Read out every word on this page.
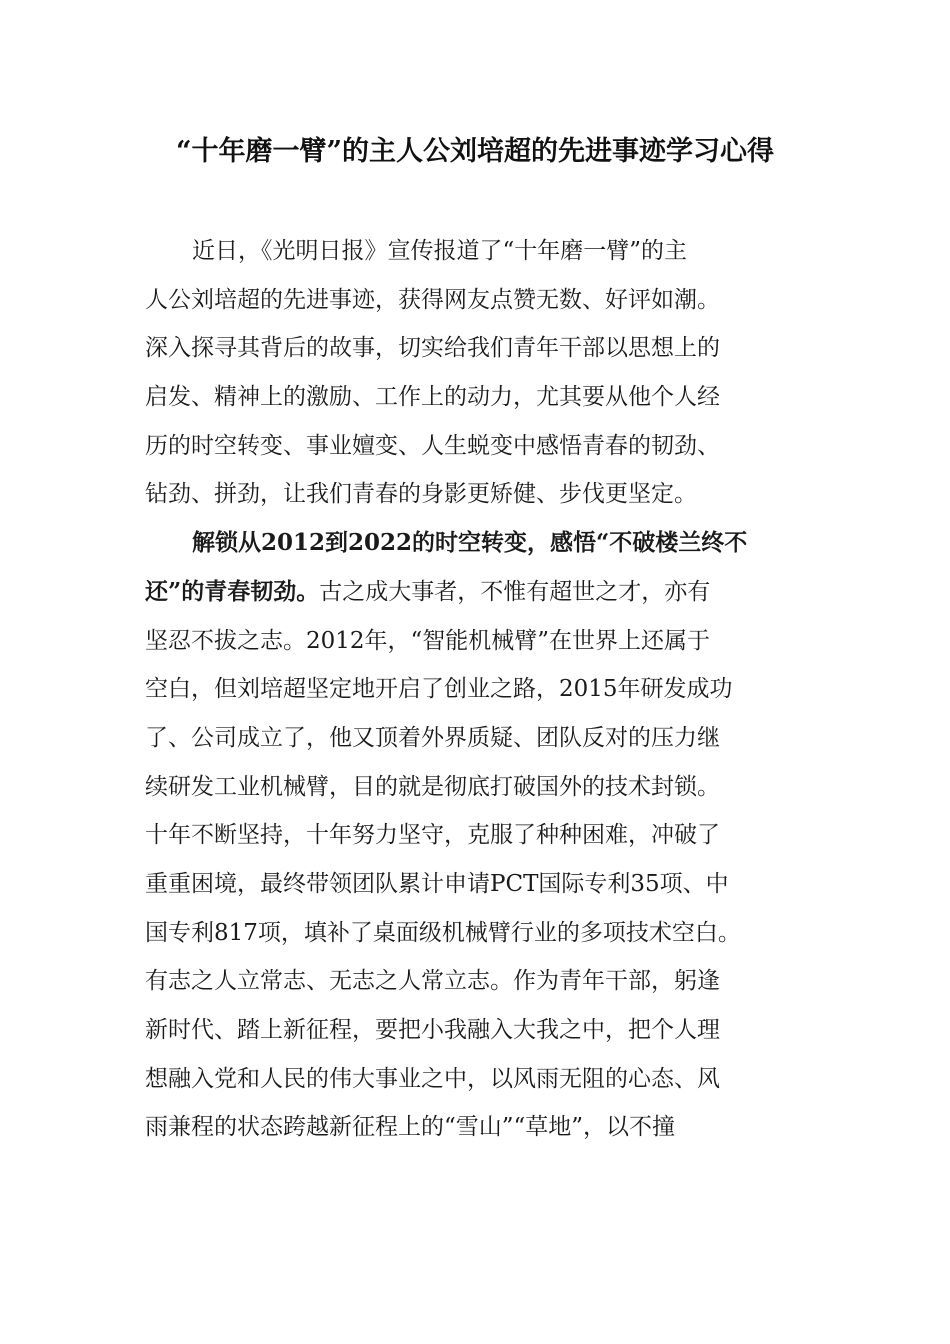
“十年磨一臂”的主人公刘培超的先进事迹学习心得
近日，《光明日报》宣传报道了“十年磨一臂”的主
人公刘培超的先进事迹，获得网友点赞无数、好评如潮。
深入探寻其背后的故事，切实给我们青年干部以思想上的
启发、精神上的激励、工作上的动力，尤其要从他个人经
历的时空转变、事业嬗变、人生蜕变中感悟青春的韧劲、
钻劲、拼劲，让我们青春的身影更矫健、步伐更坚定。
解锁从2012到2022的时空转变，感悟“不破楼兰终不
还”的青春韧劲。古之成大事者，不惟有超世之才，亦有
坚忍不拔之志。2012年，“智能机械臂”在世界上还属于
空白，但刘培超坚定地开启了创业之路，2015年研发成功
了、公司成立了，他又顶着外界质疑、团队反对的压力继
续研发工业机械臂，目的就是彻底打破国外的技术封锁。
十年不断坚持，十年努力坚守，克服了种种困难，冲破了
重重困境，最终带领团队累计申请PCT国际专利35项、中
国专利817项，填补了桌面级机械臂行业的多项技术空白。
有志之人立常志、无志之人常立志。作为青年干部，躬逢
新时代、踏上新征程，要把小我融入大我之中，把个人理
想融入党和人民的伟大事业之中，以风雨无阻的心态、风
雨兼程的状态跨越新征程上的“雪山”“草地”，以不撞
